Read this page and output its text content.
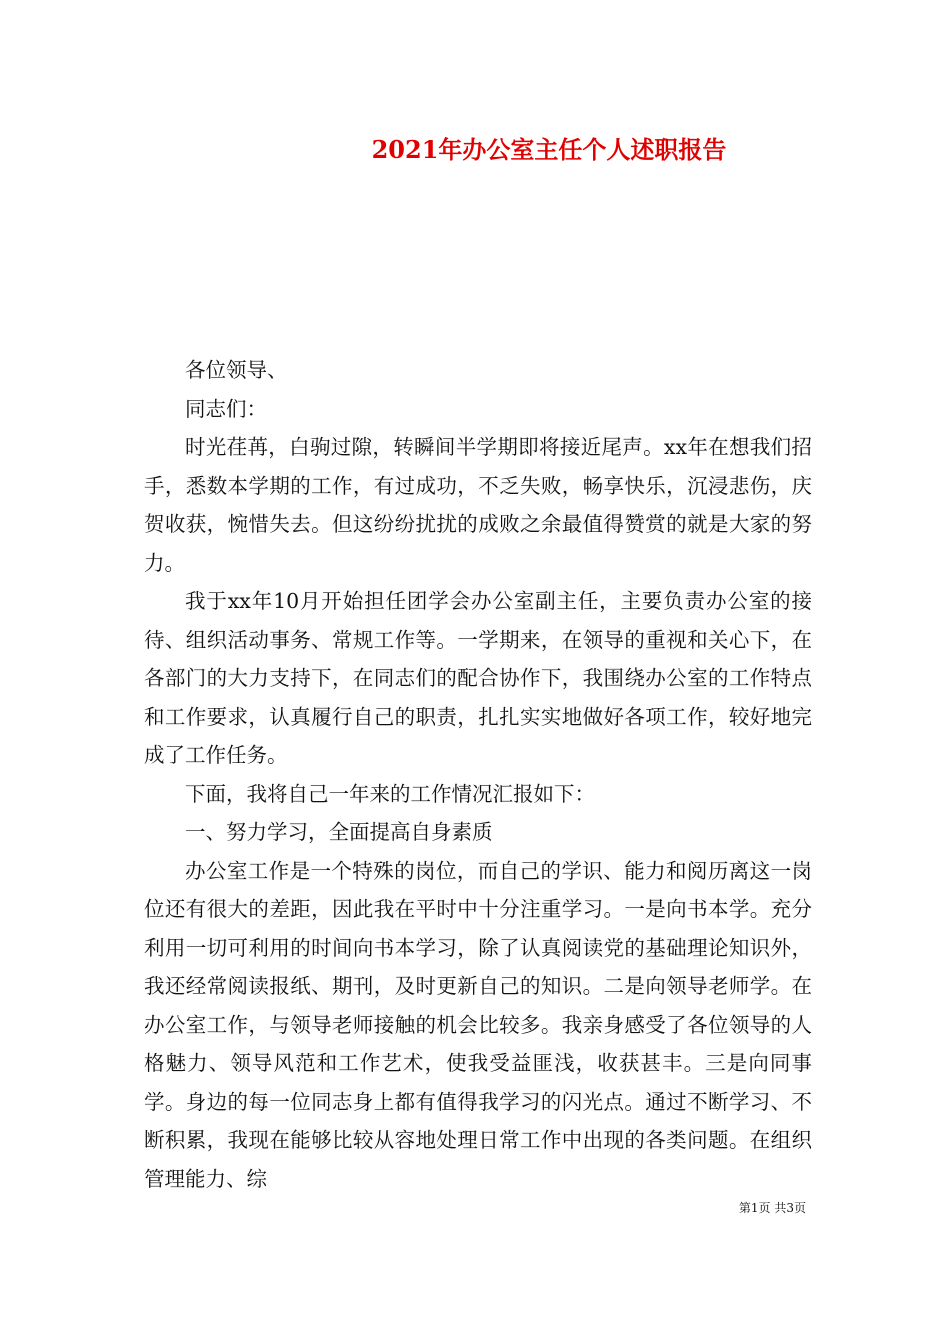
2021年办公室主任个人述职报告

各位领导、

同志们：

时光荏苒，白驹过隙，转瞬间半学期即将接近尾声。xx年在想我们招手，悉数本学期的工作，有过成功，不乏失败，畅享快乐，沉浸悲伤，庆贺收获，惋惜失去。但这纷纷扰扰的成败之余最值得赞赏的就是大家的努力。

我于xx年10月开始担任团学会办公室副主任，主要负责办公室的接待、组织活动事务、常规工作等。一学期来，在领导的重视和关心下，在各部门的大力支持下，在同志们的配合协作下，我围绕办公室的工作特点和工作要求，认真履行自己的职责，扎扎实实地做好各项工作，较好地完成了工作任务。

下面，我将自己一年来的工作情况汇报如下：

一、努力学习，全面提高自身素质

办公室工作是一个特殊的岗位，而自己的学识、能力和阅历离这一岗位还有很大的差距，因此我在平时中十分注重学习。一是向书本学。充分利用一切可利用的时间向书本学习，除了认真阅读党的基础理论知识外，我还经常阅读报纸、期刊，及时更新自己的知识。二是向领导老师学。在办公室工作，与领导老师接触的机会比较多。我亲身感受了各位领导的人格魅力、领导风范和工作艺术，使我受益匪浅，收获甚丰。三是向同事学。身边的每一位同志身上都有值得我学习的闪光点。通过不断学习、不断积累，我现在能够比较从容地处理日常工作中出现的各类问题。在组织管理能力、综

第1页 共3页
